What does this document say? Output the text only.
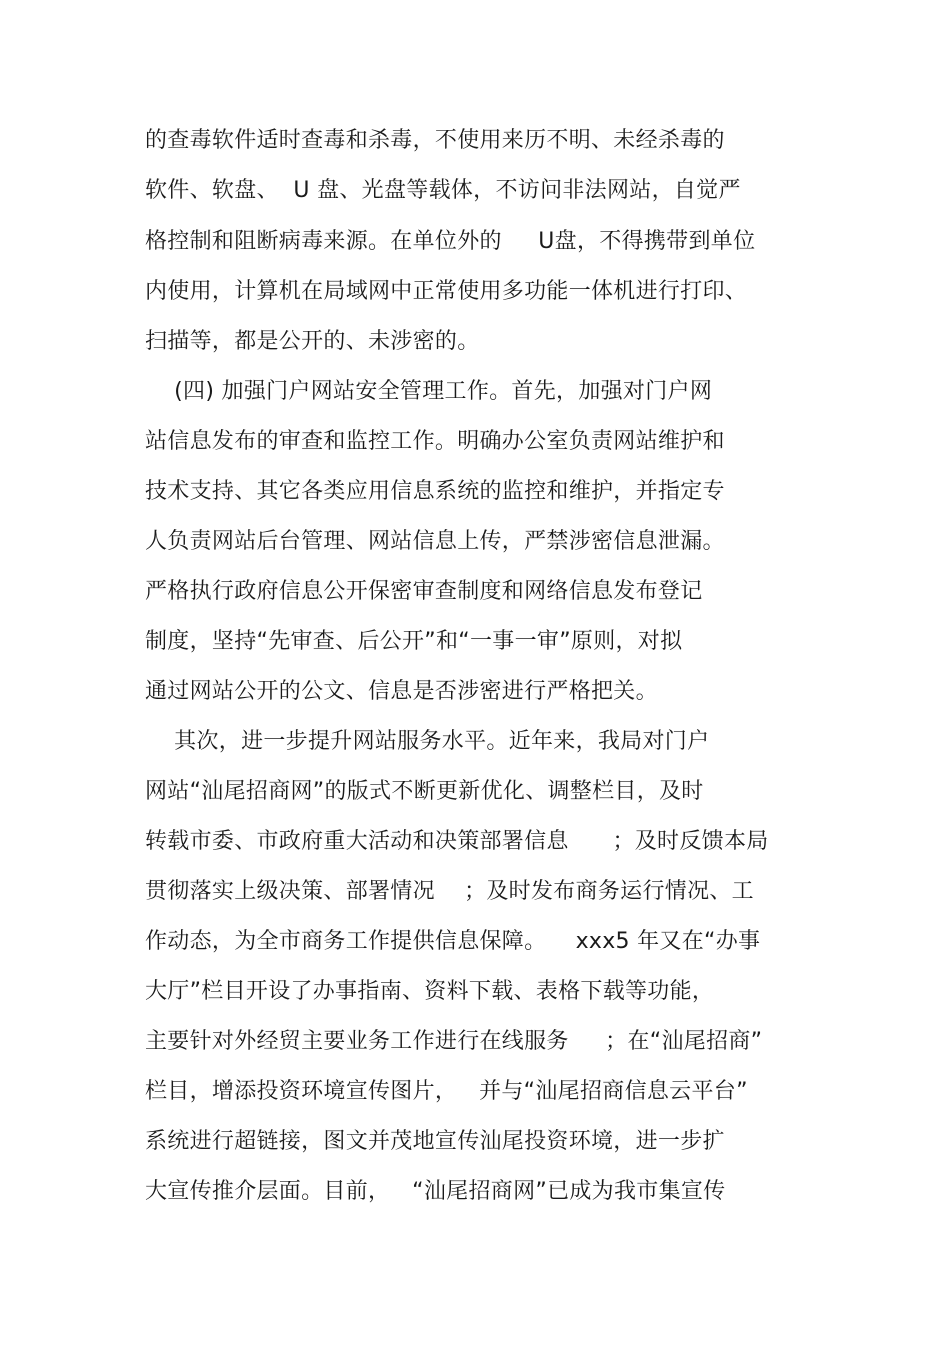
的查毒软件适时查毒和杀毒，不使用来历不明、未经杀毒的
软件、软盘、  U 盘、光盘等载体，不访问非法网站，自觉严
格控制和阻断病毒来源。在单位外的     U盘，不得携带到单位
内使用，计算机在局域网中正常使用多功能一体机进行打印、
扫描等，都是公开的、未涉密的。
(四) 加强门户网站安全管理工作。首先，加强对门户网
站信息发布的审查和监控工作。明确办公室负责网站维护和
技术支持、其它各类应用信息系统的监控和维护，并指定专
人负责网站后台管理、网站信息上传，严禁涉密信息泄漏。
严格执行政府信息公开保密审查制度和网络信息发布登记
制度，坚持“先审查、后公开”和“一事一审”原则，对拟
通过网站公开的公文、信息是否涉密进行严格把关。
其次，进一步提升网站服务水平。近年来，我局对门户
网站“汕尾招商网”的版式不断更新优化、调整栏目，及时
转载市委、市政府重大活动和决策部署信息      ；及时反馈本局
贯彻落实上级决策、部署情况    ；及时发布商务运行情况、工
作动态，为全市商务工作提供信息保障。    xxx5 年又在“办事
大厅”栏目开设了办事指南、资料下载、表格下载等功能，
主要针对外经贸主要业务工作进行在线服务     ；在“汕尾招商”
栏目，增添投资环境宣传图片，   并与“汕尾招商信息云平台”
系统进行超链接，图文并茂地宣传汕尾投资环境，进一步扩
大宣传推介层面。目前，   “汕尾招商网”已成为我市集宣传
